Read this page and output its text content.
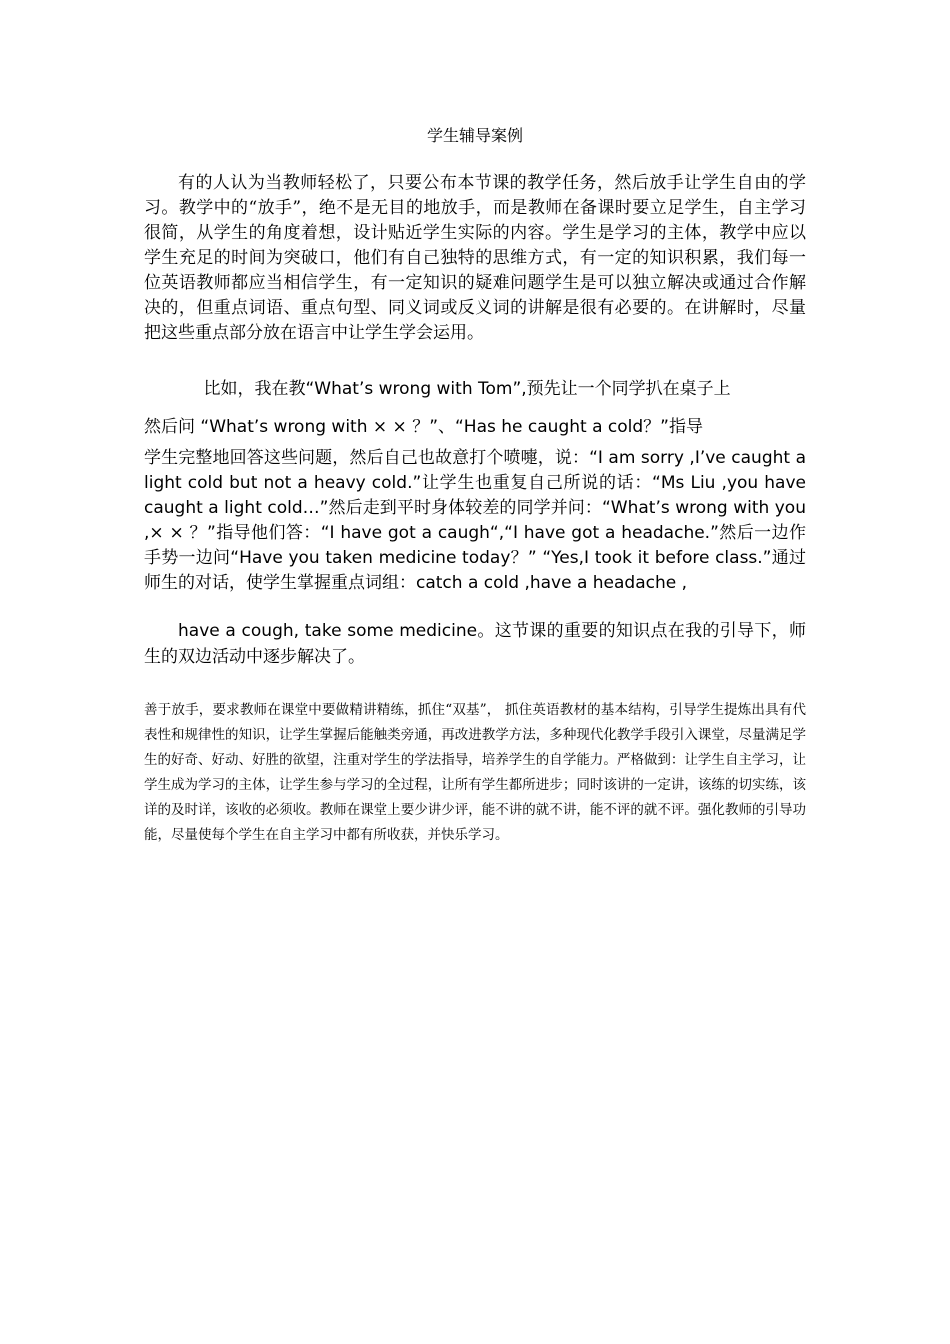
学生辅导案例

有的人认为当教师轻松了，只要公布本节课的教学任务，然后放手让学生自由的学习。教学中的“放手”，绝不是无目的地放手，而是教师在备课时要立足学生，自主学习很简，从学生的角度着想，设计贴近学生实际的内容。学生是学习的主体，教学中应以学生充足的时间为突破口，他们有自己独特的思维方式，有一定的知识积累，我们每一位英语教师都应当相信学生，有一定知识的疑难问题学生是可以独立解决或通过合作解决的，但重点词语、重点句型、同义词或反义词的讲解是很有必要的。在讲解时，尽量把这些重点部分放在语言中让学生学会运用。

比如，我在教“What’s wrong with Tom”,预先让一个同学扒在桌子上

然后问 “What’s wrong with × × ？”、“Has he caught a cold？”指导

学生完整地回答这些问题，然后自己也故意打个喷嚏，说：“I am sorry ,I’ve caught a light cold but not a heavy cold.”让学生也重复自己所说的话：“Ms Liu ,you have caught a light cold…”然后走到平时身体较差的同学并问：“What’s wrong with you ,× × ？”指导他们答：“I have got a caugh“,“I have got a headache.”然后一边作手势一边问“Have you taken medicine today？” “Yes,I took it before class.”通过师生的对话，使学生掌握重点词组：catch a cold ,have a headache ,

have a cough, take some medicine。这节课的重要的知识点在我的引导下，师生的双边活动中逐步解决了。

善于放手，要求教师在课堂中要做精讲精练，抓住“双基”， 抓住英语教材的基本结构，引导学生提炼出具有代表性和规律性的知识，让学生掌握后能触类旁通，再改进教学方法，多种现代化教学手段引入课堂，尽量满足学生的好奇、好动、好胜的欲望，注重对学生的学法指导，培养学生的自学能力。严格做到：让学生自主学习，让学生成为学习的主体，让学生参与学习的全过程，让所有学生都所进步；同时该讲的一定讲，该练的切实练，该详的及时详，该收的必须收。教师在课堂上要少讲少评，能不讲的就不讲，能不评的就不评。强化教师的引导功能，尽量使每个学生在自主学习中都有所收获，并快乐学习。
